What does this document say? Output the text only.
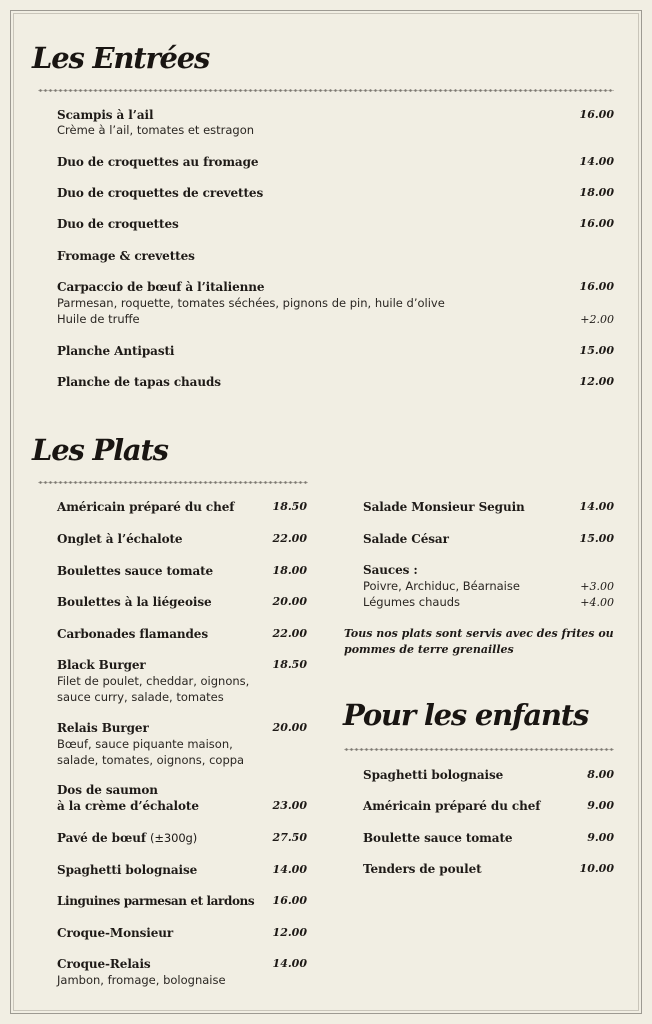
Les Entrées
Scampis à l’ail	16.00
Crème à l’ail, tomates et estragon
Duo de croquettes au fromage	14.00
Duo de croquettes de crevettes	18.00
Duo de croquettes	16.00
Fromage & crevettes
Carpaccio de bœuf à l’italienne	16.00
Parmesan, roquette, tomates séchées, pignons de pin, huile d’olive
Huile de truffe	+2.00
Planche Antipasti	15.00
Planche de tapas chauds	12.00
Les Plats
Américain préparé du chef	18.50
Onglet à l’échalote	22.00
Boulettes sauce tomate	18.00
Boulettes à la liégeoise	20.00
Carbonades flamandes	22.00
Black Burger	18.50
Filet de poulet, cheddar, oignons,
sauce curry, salade, tomates
Relais Burger	20.00
Bœuf, sauce piquante maison,
salade, tomates, oignons, coppa
Dos de saumon
à la crème d’échalote	23.00
Pavé de bœuf (±300g)	27.50
Spaghetti bolognaise	14.00
Linguines parmesan et lardons 16.00
Croque-Monsieur	12.00
Croque-Relais	14.00
Jambon, fromage, bolognaise
Salade Monsieur Seguin	14.00
Salade César	15.00
Sauces :
Poivre, Archiduc, Béarnaise	+3.00
Légumes chauds	+4.00
Tous nos plats sont servis avec des frites ou
pommes de terre grenailles
Pour les enfants
Spaghetti bolognaise	8.00
Américain préparé du chef	9.00
Boulette sauce tomate	9.00
Tenders de poulet	10.00
